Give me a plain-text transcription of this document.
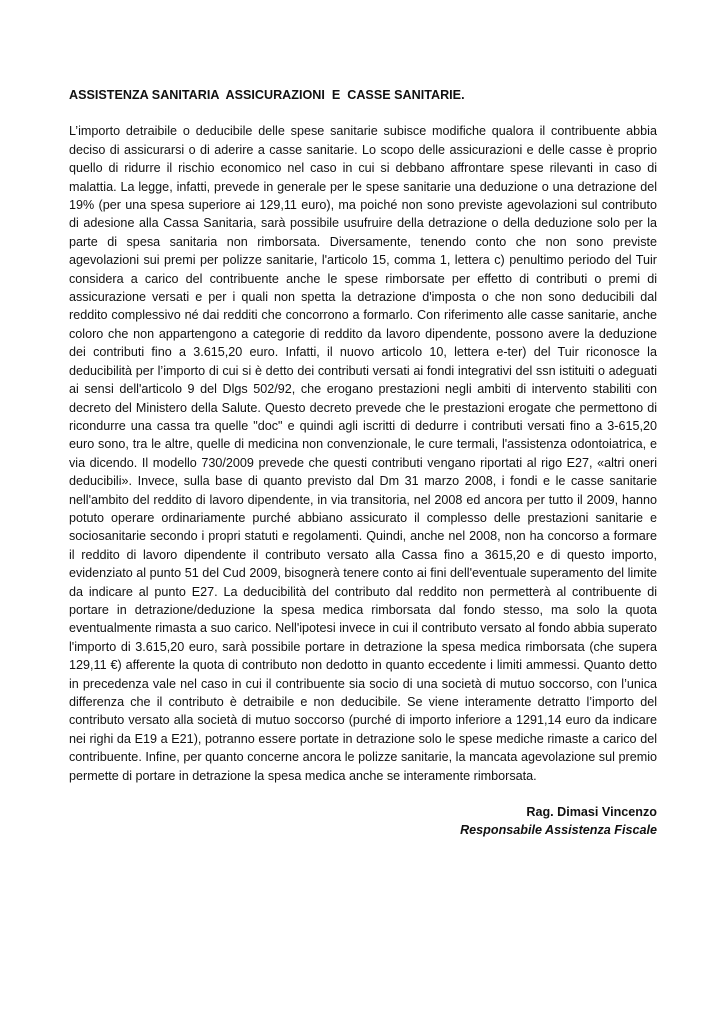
ASSISTENZA SANITARIA  ASSICURAZIONI  E  CASSE SANITARIE.

L’importo detraibile o deducibile delle spese sanitarie subisce modifiche qualora il contribuente abbia deciso di assicurarsi o di aderire a casse sanitarie. Lo scopo delle assicurazioni e delle casse è proprio quello di ridurre il rischio economico nel caso in cui si debbano affrontare spese rilevanti in caso di malattia. La legge, infatti, prevede in generale per le spese sanitarie una deduzione o una detrazione del 19% (per una spesa superiore ai 129,11 euro), ma poiché non sono previste agevolazioni sul contributo di adesione alla Cassa Sanitaria, sarà possibile usufruire della detrazione o della deduzione solo per la parte di spesa sanitaria non rimborsata. Diversamente, tenendo conto che non sono previste agevolazioni sui premi per polizze sanitarie, l'articolo 15, comma 1, lettera c) penultimo periodo del Tuir considera a carico del contribuente anche le spese rimborsate per effetto di contributi o premi di assicurazione versati e per i quali non spetta la detrazione d'imposta o che non sono deducibili dal reddito complessivo né dai redditi che concorrono a formarlo. Con riferimento alle casse sanitarie, anche coloro che non appartengono a categorie di reddito da lavoro dipendente, possono avere la deduzione dei contributi fino a 3.615,20 euro. Infatti, il nuovo articolo 10, lettera e-ter) del Tuir riconosce la deducibilità per l’importo di cui si è detto dei contributi versati ai fondi integrativi del ssn istituiti o adeguati ai sensi dell'articolo 9 del Dlgs 502/92, che erogano prestazioni negli ambiti di intervento stabiliti con decreto del Ministero della Salute. Questo decreto prevede che le prestazioni erogate che permettono di ricondurre una cassa tra quelle "doc" e quindi agli iscritti di dedurre i contributi versati fino a 3-615,20 euro sono, tra le altre, quelle di medicina non convenzionale, le cure termali, l'assistenza odontoiatrica, e via dicendo. Il modello 730/2009 prevede che questi contributi vengano riportati al rigo E27, «altri oneri deducibili». Invece, sulla base di quanto previsto dal Dm 31 marzo 2008, i fondi e le casse sanitarie nell'ambito del reddito di lavoro dipendente, in via transitoria, nel 2008 ed ancora per tutto il 2009, hanno potuto operare ordinariamente purché abbiano assicurato il complesso delle prestazioni sanitarie e sociosanitarie secondo i propri statuti e regolamenti. Quindi, anche nel 2008, non ha concorso a formare il reddito di lavoro dipendente il contributo versato alla Cassa fino a 3615,20 e di questo importo, evidenziato al punto 51 del Cud 2009, bisognerà tenere conto ai fini dell'eventuale superamento del limite da indicare al punto E27. La deducibilità del contributo dal reddito non permetterà al contribuente di portare in detrazione/deduzione la spesa medica rimborsata dal fondo stesso, ma solo la quota eventualmente rimasta a suo carico. Nell'ipotesi invece in cui il contributo versato al fondo abbia superato l'importo di 3.615,20 euro, sarà possibile portare in detrazione la spesa medica rimborsata (che supera 129,11 €) afferente la quota di contributo non dedotto in quanto eccedente i limiti ammessi. Quanto detto in precedenza vale nel caso in cui il contribuente sia socio di una società di mutuo soccorso, con l’unica differenza che il contributo è detraibile e non deducibile. Se viene interamente detratto l’importo del contributo versato alla società di mutuo soccorso (purché di importo inferiore a 1291,14 euro da indicare nei righi da E19 a E21), potranno essere portate in detrazione solo le spese mediche rimaste a carico del contribuente. Infine, per quanto concerne ancora le polizze sanitarie, la mancata agevolazione sul premio permette di portare in detrazione la spesa medica anche se interamente rimborsata.

Rag. Dimasi Vincenzo
Responsabile Assistenza Fiscale
